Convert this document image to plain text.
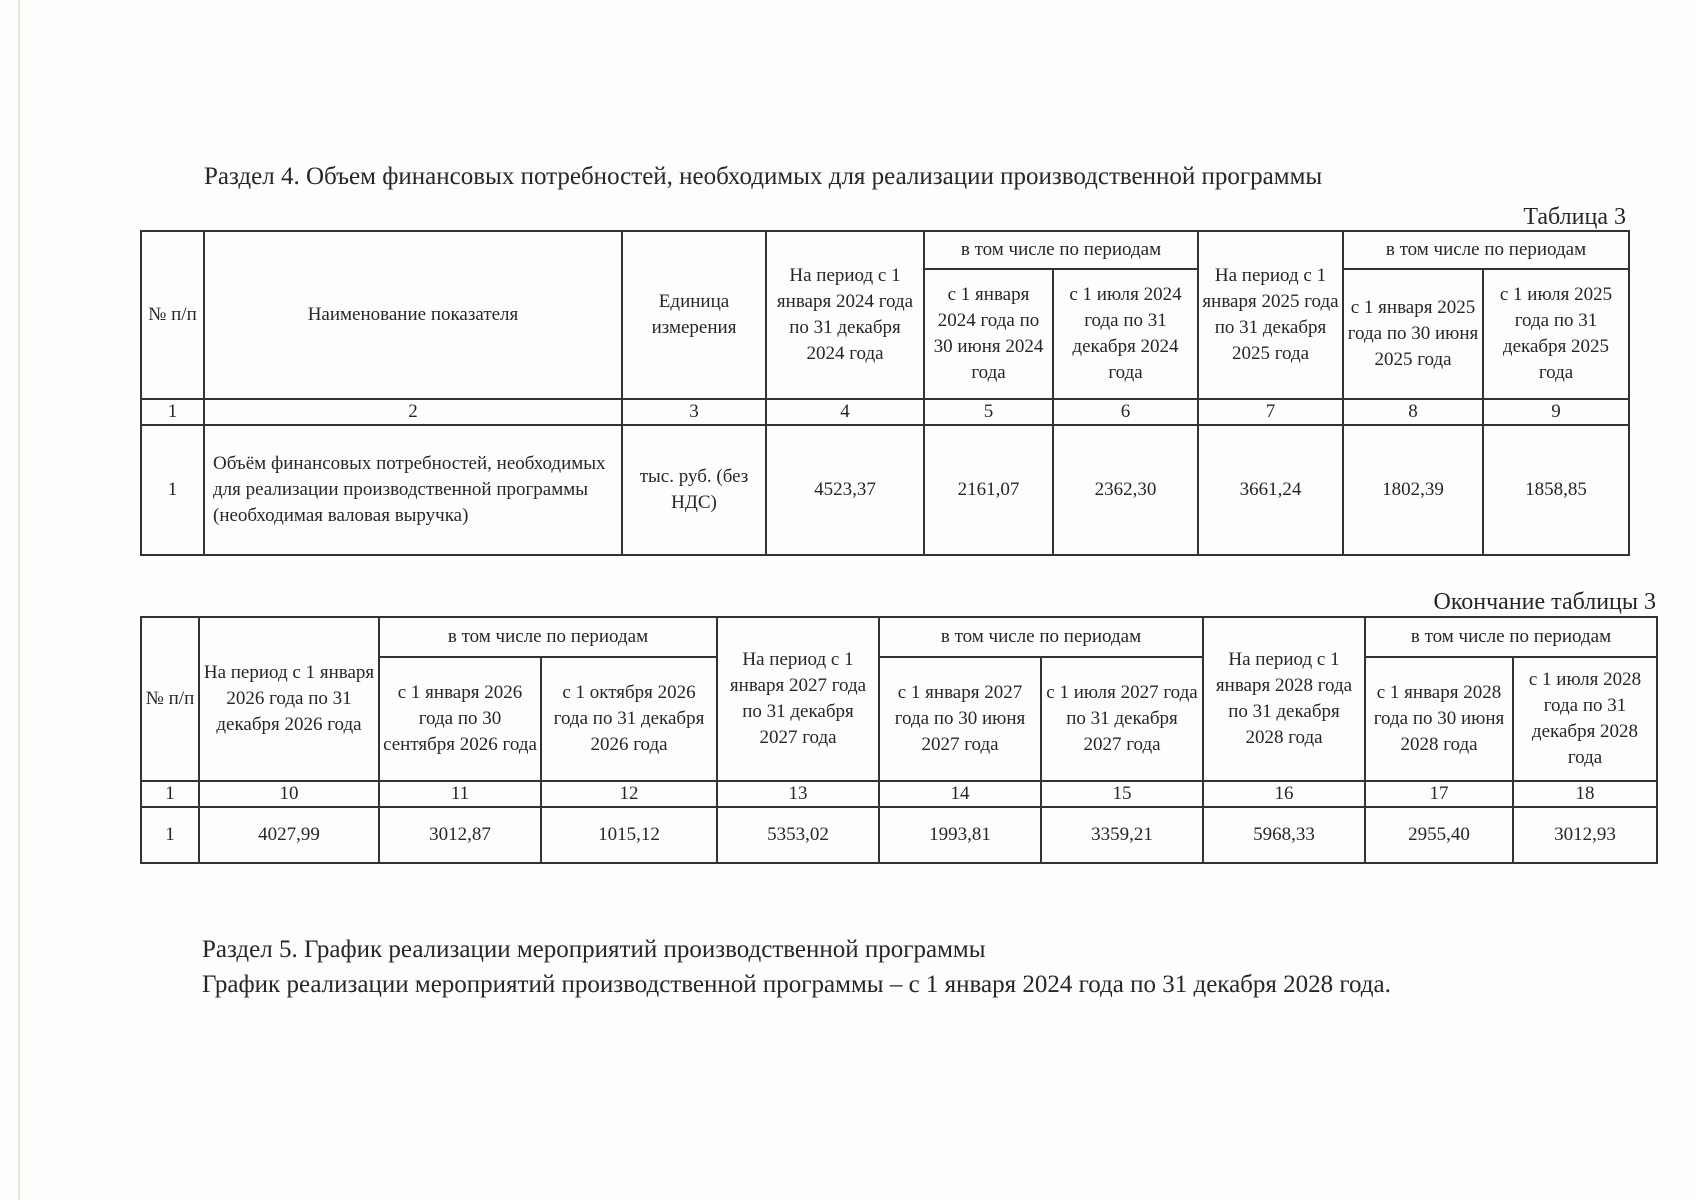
Раздел 4. Объем финансовых потребностей, необходимых для реализации производственной программы
Таблица 3
№ п/п	Наименование показателя	Единица измерения	На период с 1 января 2024 года по 31 декабря 2024 года	в том числе по периодам		На период с 1 января 2025 года по 31 декабря 2025 года	в том числе по периодам	
				с 1 января 2024 года по 30 июня 2024 года	с 1 июля 2024 года по 31 декабря 2024 года		с 1 января 2025 года по 30 июня 2025 года	с 1 июля 2025 года по 31 декабря 2025 года
1	2	3	4	5	6	7	8	9
1	Объём финансовых потребностей, необходимых для реализации производственной программы (необходимая валовая выручка)	тыс. руб. (без НДС)	4523,37	2161,07	2362,30	3661,24	1802,39	1858,85
Окончание таблицы 3
№ п/п	На период с 1 января 2026 года по 31 декабря 2026 года	в том числе по периодам		На период с 1 января 2027 года по 31 декабря 2027 года	в том числе по периодам		На период с 1 января 2028 года по 31 декабря 2028 года	в том числе по периодам	
		с 1 января 2026 года по 30 сентября 2026 года	с 1 октября 2026 года по 31 декабря 2026 года		с 1 января 2027 года по 30 июня 2027 года	с 1 июля 2027 года по 31 декабря 2027 года		с 1 января 2028 года по 30 июня 2028 года	с 1 июля 2028 года по 31 декабря 2028 года
1	10	11	12	13	14	15	16	17	18
1	4027,99	3012,87	1015,12	5353,02	1993,81	3359,21	5968,33	2955,40	3012,93
Раздел 5. График реализации мероприятий производственной программы
График реализации мероприятий производственной программы – с 1 января 2024 года по 31 декабря 2028 года.
